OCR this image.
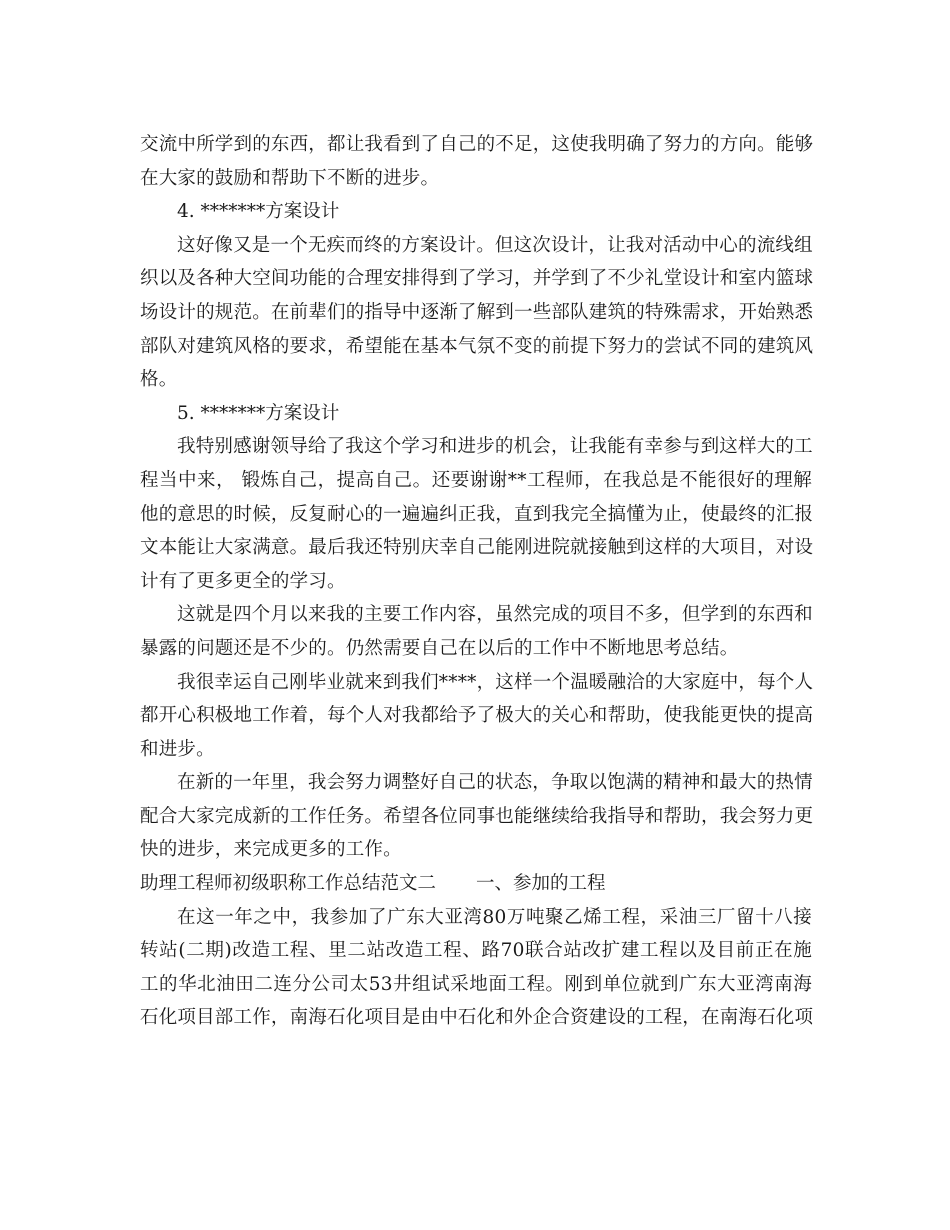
交流中所学到的东西，都让我看到了自己的不足，这使我明确了努力的方向。能够
在大家的鼓励和帮助下不断的进步。
4. *******方案设计
这好像又是一个无疾而终的方案设计。但这次设计，让我对活动中心的流线组
织以及各种大空间功能的合理安排得到了学习，并学到了不少礼堂设计和室内篮球
场设计的规范。在前辈们的指导中逐渐了解到一些部队建筑的特殊需求，开始熟悉
部队对建筑风格的要求，希望能在基本气氛不变的前提下努力的尝试不同的建筑风
格。
5. *******方案设计
我特别感谢领导给了我这个学习和进步的机会，让我能有幸参与到这样大的工
程当中来， 锻炼自己，提高自己。还要谢谢**工程师，在我总是不能很好的理解
他的意思的时候，反复耐心的一遍遍纠正我，直到我完全搞懂为止，使最终的汇报
文本能让大家满意。最后我还特别庆幸自己能刚进院就接触到这样的大项目，对设
计有了更多更全的学习。
这就是四个月以来我的主要工作内容，虽然完成的项目不多，但学到的东西和
暴露的问题还是不少的。仍然需要自己在以后的工作中不断地思考总结。
我很幸运自己刚毕业就来到我们****，这样一个温暖融洽的大家庭中，每个人
都开心积极地工作着，每个人对我都给予了极大的关心和帮助，使我能更快的提高
和进步。
在新的一年里，我会努力调整好自己的状态，争取以饱满的精神和最大的热情
配合大家完成新的工作任务。希望各位同事也能继续给我指导和帮助，我会努力更
快的进步，来完成更多的工作。
助理工程师初级职称工作总结范文二 一、参加的工程
在这一年之中，我参加了广东大亚湾80万吨聚乙烯工程，采油三厂留十八接
转站(二期)改造工程、里二站改造工程、路70联合站改扩建工程以及目前正在施
工的华北油田二连分公司太53井组试采地面工程。刚到单位就到广东大亚湾南海
石化项目部工作，南海石化项目是由中石化和外企合资建设的工程，在南海石化项
